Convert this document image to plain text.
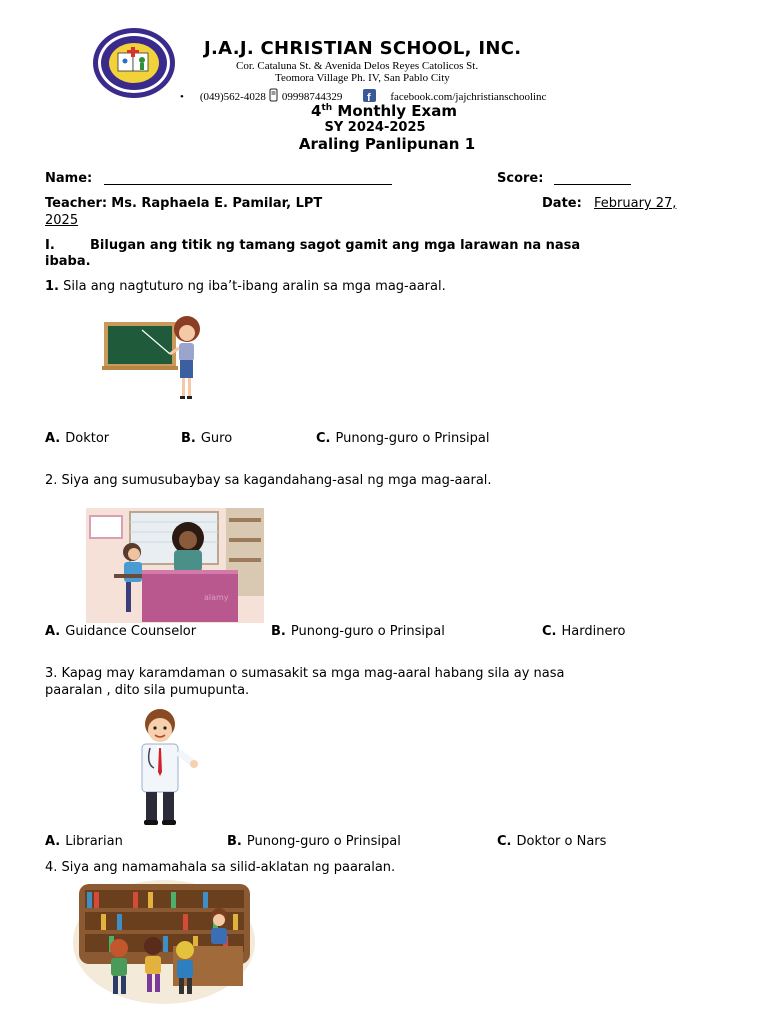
J.A.J. CHRISTIAN SCHOOL, INC.
Cor. Cataluna St. & Avenida Delos Reyes Catolicos St.
Teomora Village Ph. IV, San Pablo City
• (049)562-4028 09998744329 f facebook.com/jajchristianschoolinc
4th Monthly Exam
SY 2024-2025
Araling Panlipunan 1
Name:	Score:
Teacher: Ms. Raphaela E. Pamilar, LPT	Date: February 27,
2025
I.	Bilugan ang titik ng tamang sagot gamit ang mga larawan na nasa
ibaba.
1. Sila ang nagtuturo ng iba’t-ibang aralin sa mga mag-aaral.
A. Doktor	B. Guro	C. Punong-guro o Prinsipal
2. Siya ang sumusubaybay sa kagandahang-asal ng mga mag-aaral.
alamy
A. Guidance Counselor	B. Punong-guro o Prinsipal	C. Hardinero
3. Kapag may karamdaman o sumasakit sa mga mag-aaral habang sila ay nasa
paaralan , dito sila pumupunta.
A. Librarian	B. Punong-guro o Prinsipal	C. Doktor o Nars
4. Siya ang namamahala sa silid-aklatan ng paaralan.
